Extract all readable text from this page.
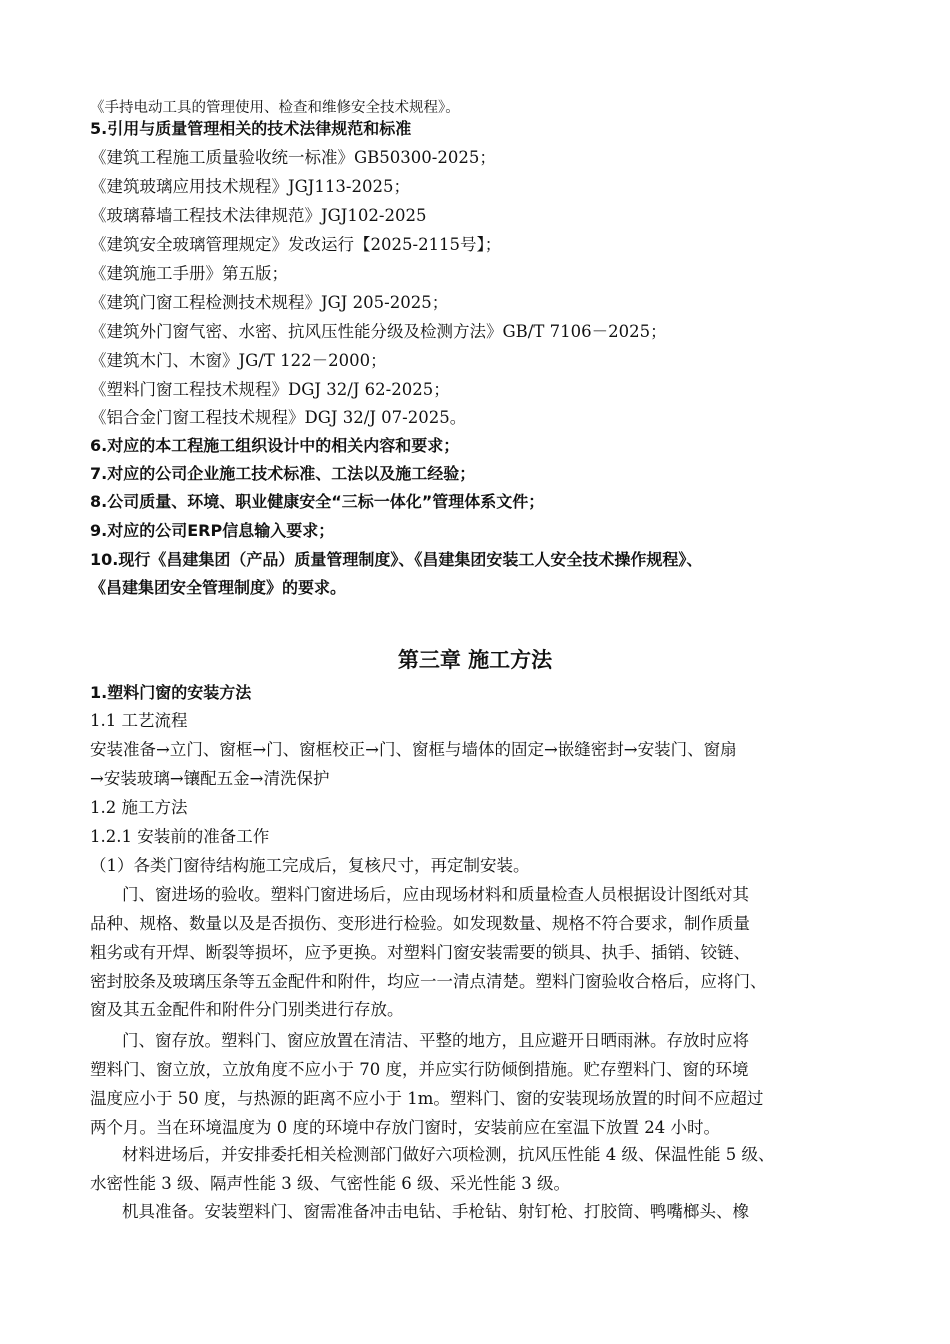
《手持电动工具的管理使用、检查和维修安全技术规程》。
5.引用与质量管理相关的技术法律规范和标准
《建筑工程施工质量验收统一标准》GB50300-2025；
《建筑玻璃应用技术规程》JGJ113-2025；
《玻璃幕墙工程技术法律规范》JGJ102-2025
《建筑安全玻璃管理规定》发改运行【2025-2115号】；
《建筑施工手册》第五版；
《建筑门窗工程检测技术规程》JGJ 205-2025；
《建筑外门窗气密、水密、抗风压性能分级及检测方法》GB/T 7106－2025；
《建筑木门、木窗》JG/T 122－2000；
《塑料门窗工程技术规程》DGJ 32/J 62-2025；
《铝合金门窗工程技术规程》DGJ 32/J 07-2025。
6.对应的本工程施工组织设计中的相关内容和要求；
7.对应的公司企业施工技术标准、工法以及施工经验；
8.公司质量、环境、职业健康安全“三标一体化”管理体系文件；
9.对应的公司ERP信息输入要求；
10.现行《昌建集团（产品）质量管理制度》、《昌建集团安装工人安全技术操作规程》、
《昌建集团安全管理制度》的要求。
第三章 施工方法
1.塑料门窗的安装方法
1.1 工艺流程
安装准备→立门、窗框→门、窗框校正→门、窗框与墙体的固定→嵌缝密封→安装门、窗扇
→安装玻璃→镶配五金→清洗保护
1.2 施工方法
1.2.1 安装前的准备工作
（1）各类门窗待结构施工完成后，复核尺寸，再定制安装。
门、窗进场的验收。塑料门窗进场后，应由现场材料和质量检查人员根据设计图纸对其
品种、规格、数量以及是否损伤、变形进行检验。如发现数量、规格不符合要求，制作质量
粗劣或有开焊、断裂等损坏，应予更换。对塑料门窗安装需要的锁具、执手、插销、铰链、
密封胶条及玻璃压条等五金配件和附件，均应一一清点清楚。塑料门窗验收合格后，应将门、
窗及其五金配件和附件分门别类进行存放。
门、窗存放。塑料门、窗应放置在清洁、平整的地方，且应避开日晒雨淋。存放时应将
塑料门、窗立放，立放角度不应小于 70 度，并应实行防倾倒措施。贮存塑料门、窗的环境
温度应小于 50 度，与热源的距离不应小于 1m。塑料门、窗的安装现场放置的时间不应超过
两个月。当在环境温度为 0 度的环境中存放门窗时，安装前应在室温下放置 24 小时。
材料进场后，并安排委托相关检测部门做好六项检测，抗风压性能 4 级、保温性能 5 级、
水密性能 3 级、隔声性能 3 级、气密性能 6 级、采光性能 3 级。
机具准备。安装塑料门、窗需准备冲击电钻、手枪钻、射钉枪、打胶筒、鸭嘴榔头、橡
